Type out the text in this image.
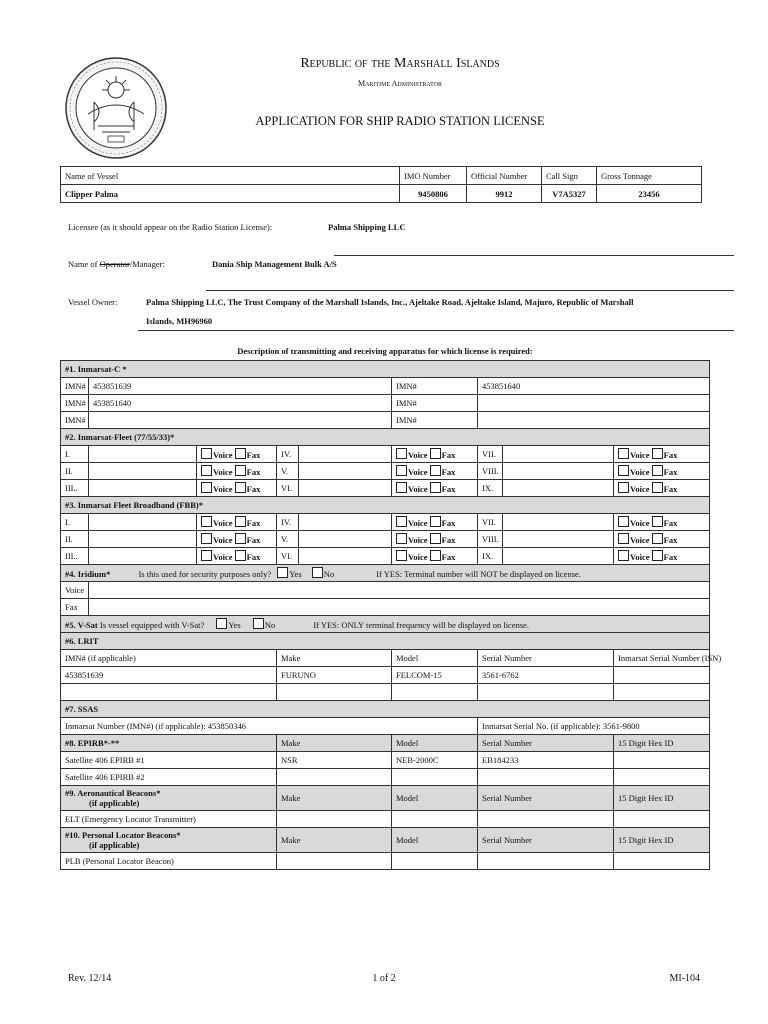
Republic of the Marshall Islands
Maritime Administrator
APPLICATION FOR SHIP RADIO STATION LICENSE
Name of Vessel	IMO Number	Official Number	Call Sign	Gross Tonnage
Clipper Palma	9450806	9912	V7A5327	23456
Licensee (as it should appear on the Radio Station License):	Palma Shipping LLC
Name of Operator/Manager:	Dania Ship Management Bulk A/S
Vessel Owner:	Palma Shipping LLC, The Trust Company of the Marshall Islands, Inc., Ajeltake Road, Ajeltake Island, Majuro, Republic of Marshall
Islands, MH96960
Description of transmitting and receiving apparatus for which license is required:
#1. Inmarsat-C *								
IMN#	453851639				IMN#	453851640		
IMN#	453851640				IMN#			
IMN#					IMN#			
#2. Inmarsat-Fleet (77/55/33)*								
I.		Voice Fax	IV.		Voice Fax	VII.		Voice Fax
II.		Voice Fax	V.		Voice Fax	VIII.		Voice Fax
III..		Voice Fax	VI.		Voice Fax	IX.		Voice Fax
#3. Inmarsat Fleet Broadband (FBB)*								
I.		Voice Fax	IV.		Voice Fax	VII.		Voice Fax
II.		Voice Fax	V.		Voice Fax	VIII.		Voice Fax
III..		Voice Fax	VI.		Voice Fax	IX.		Voice Fax
#4. Iridium* Is this used for security purposes only? Yes No If YES: Terminal number will NOT be displayed on license.								
Voice								
Fax								
#5. V-Sat Is vessel equipped with V-Sat? Yes No If YES: ONLY terminal frequency will be displayed on license.								
#6. LRIT								
IMN# (if applicable)			Make		Model	Serial Number		Inmarsat Serial Number (ISN)
453851639			FURUNO		FELCOM-15	3561-6762		

#7. SSAS								
Inmarsat Number (IMN#) (if applicable): 453850346						Inmarsat Serial No. (if applicable): 3561-9800		
#8. EPIRB*-**			Make		Model	Serial Number		15 Digit Hex ID
Satellite 406 EPIRB #1			NSR		NEB-2000C	EB184233		
Satellite 406 EPIRB #2								

#9. Aeronautical Beacons*
(if applicable)			Make		Model	Serial Number		15 Digit Hex ID
ELT (Emergency Locator Transmitter)								

#10. Personal Locator Beacons*
(if applicable)			Make		Model	Serial Number		15 Digit Hex ID
PLB (Personal Locator Beacon)								
Rev. 12/14	1 of 2	MI-104
